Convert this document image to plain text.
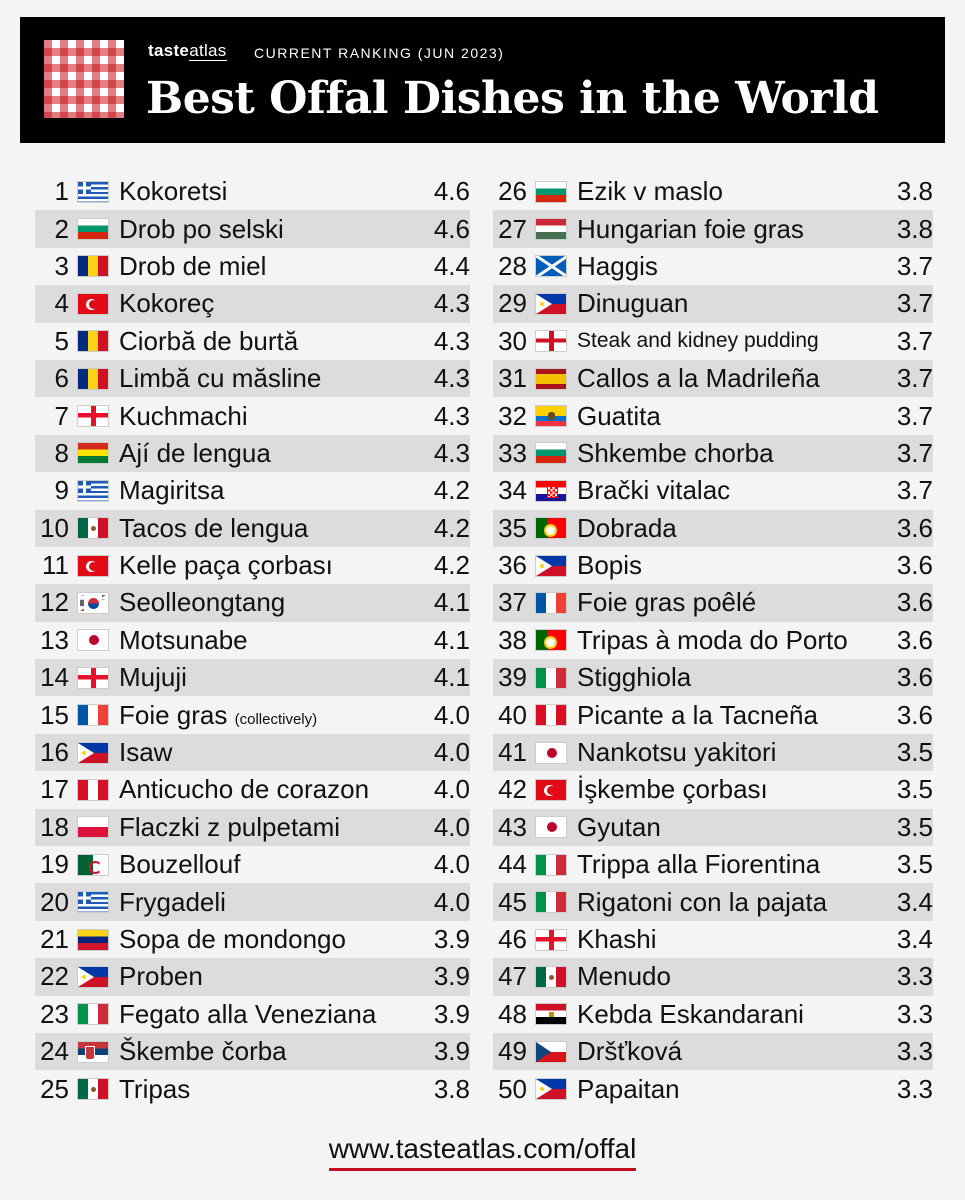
tasteatlas CURRENT RANKING (JUN 2023)
Best Offal Dishes in the World
1 Kokoretsi	4.6
2 Drob po selski	4.6
3 Drob de miel	4.4
4 Kokoreç	4.3
5 Ciorbă de burtă	4.3
6 Limbă cu măsline	4.3
7 Kuchmachi	4.3
8 Ají de lengua	4.3
9 Magiritsa	4.2
10 Tacos de lengua	4.2
11 Kelle paça çorbası	4.2
12 Seolleongtang	4.1
13 Motsunabe	4.1
14 Mujuji	4.1
15 Foie gras (collectively)	4.0
16 Isaw	4.0
17 Anticucho de corazon	4.0
18 Flaczki z pulpetami	4.0
19 Bouzellouf	4.0
20 Frygadeli	4.0
21 Sopa de mondongo	3.9
22 Proben	3.9
23 Fegato alla Veneziana	3.9
24 Škembe čorba	3.9
25 Tripas	3.8
26 Ezik v maslo	3.8
27 Hungarian foie gras	3.8
28 Haggis	3.7
29 Dinuguan	3.7
30 Steak and kidney pudding	3.7
31 Callos a la Madrileña	3.7
32 Guatita	3.7
33 Shkembe chorba	3.7
34 Brački vitalac	3.7
35 Dobrada	3.6
36 Bopis	3.6
37 Foie gras poêlé	3.6
38 Tripas à moda do Porto	3.6
39 Stigghiola	3.6
40 Picante a la Tacneña	3.6
41 Nankotsu yakitori	3.5
42 İşkembe çorbası	3.5
43 Gyutan	3.5
44 Trippa alla Fiorentina	3.5
45 Rigatoni con la pajata	3.4
46 Khashi	3.4
47 Menudo	3.3
48 Kebda Eskandarani	3.3
49 Dršťková	3.3
50 Papaitan	3.3
www.tasteatlas.com/offal
